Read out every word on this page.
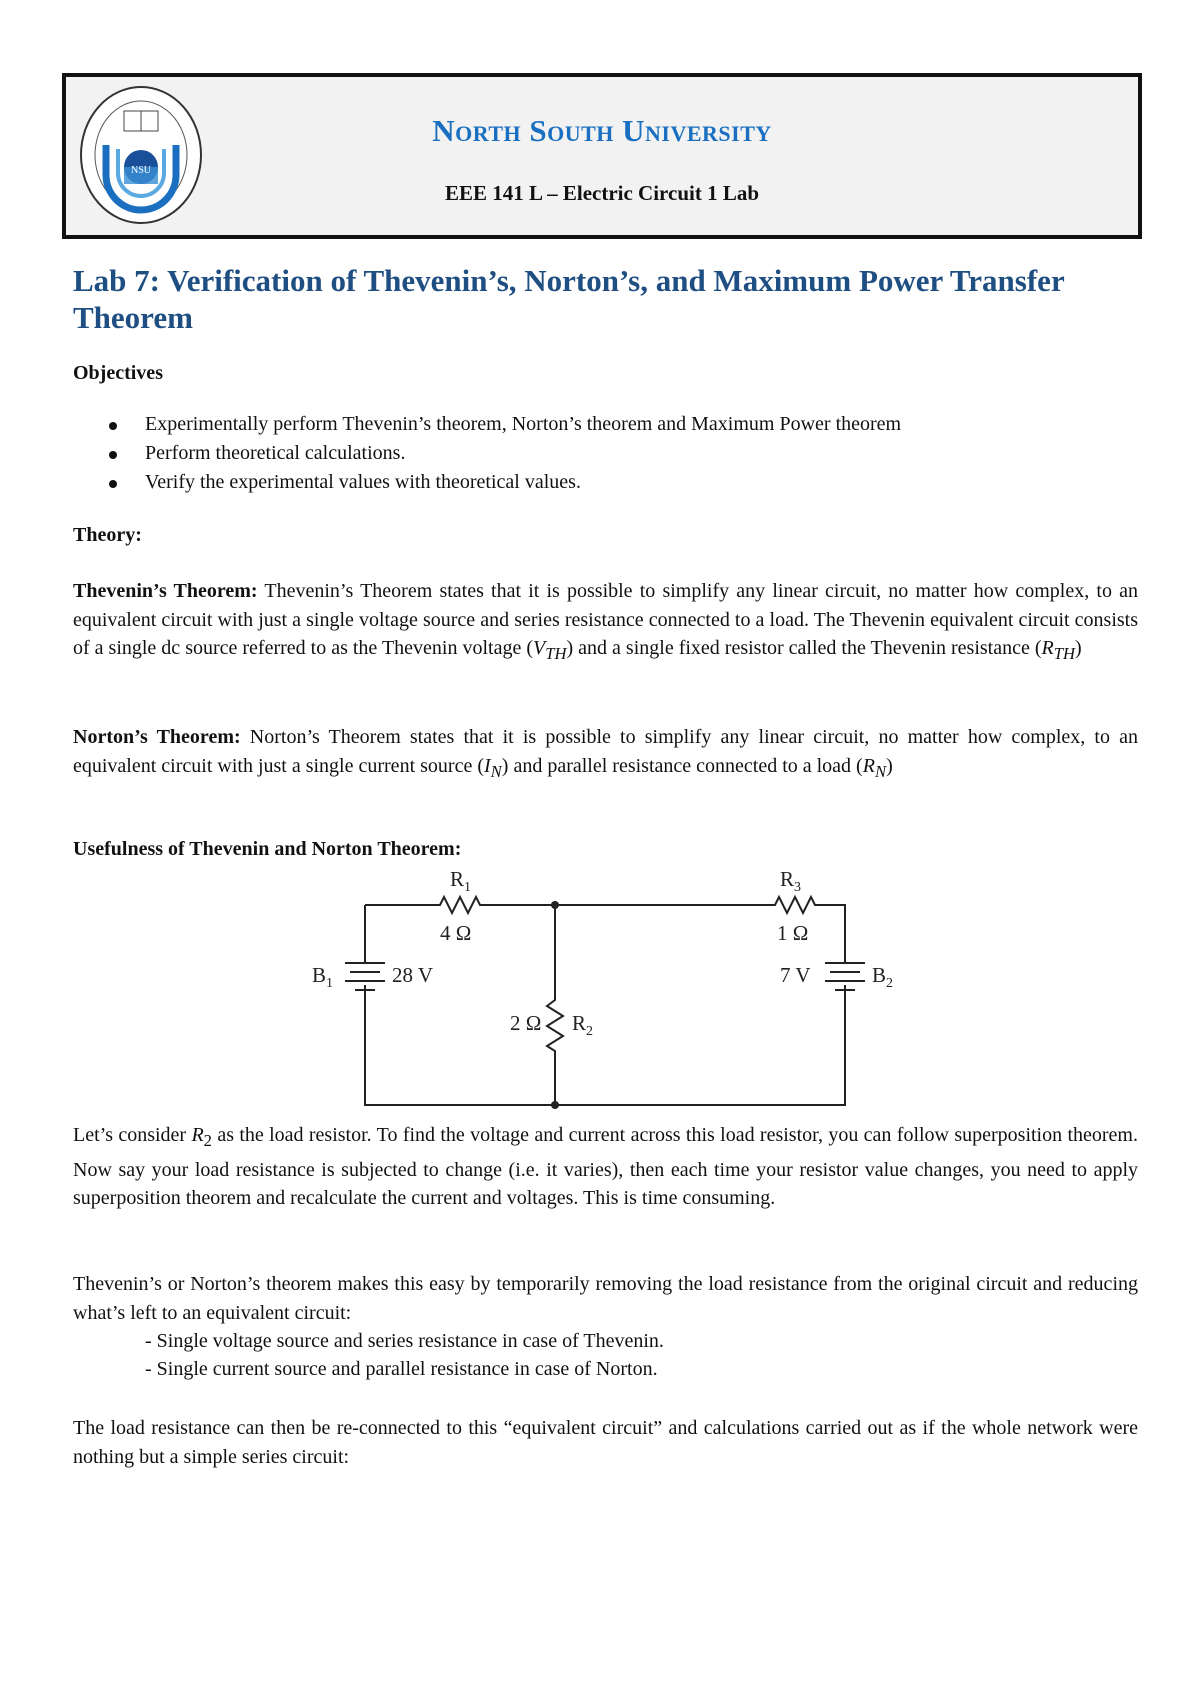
NSU
North South University
EEE 141 L – Electric Circuit 1 Lab
Lab 7: Verification of Thevenin’s, Norton’s, and Maximum Power Transfer Theorem
Objectives
Experimentally perform Thevenin’s theorem, Norton’s theorem and Maximum Power theorem
Perform theoretical calculations.
Verify the experimental values with theoretical values.
Theory:
Thevenin’s Theorem: Thevenin’s Theorem states that it is possible to simplify any linear circuit, no matter how complex, to an equivalent circuit with just a single voltage source and series resistance connected to a load. The Thevenin equivalent circuit consists of a single dc source referred to as the Thevenin voltage $(V_{TH})$ and a single fixed resistor called the Thevenin resistance $(R_{TH})$
Norton’s Theorem: Norton’s Theorem states that it is possible to simplify any linear circuit, no matter how complex, to an equivalent circuit with just a single current source $(I_N)$ and parallel resistance connected to a load $(R_N)$
Usefulness of Thevenin and Norton Theorem:
$R_1$
4 Ω
$R_3$
1 Ω
2 Ω $R_2$
$B_1$	28 V	7 V	$B_2$
Let’s consider $R_2$ as the load resistor. To find the voltage and current across this load resistor, you can follow superposition theorem. Now say your load resistance is subjected to change (i.e. it varies), then each time your resistor value changes, you need to apply superposition theorem and recalculate the current and voltages. This is time consuming.
Thevenin’s or Norton’s theorem makes this easy by temporarily removing the load resistance from the original circuit and reducing what’s left to an equivalent circuit:
- Single voltage source and series resistance in case of Thevenin.
- Single current source and parallel resistance in case of Norton.
The load resistance can then be re-connected to this “equivalent circuit” and calculations carried out as if the whole network were nothing but a simple series circuit:
